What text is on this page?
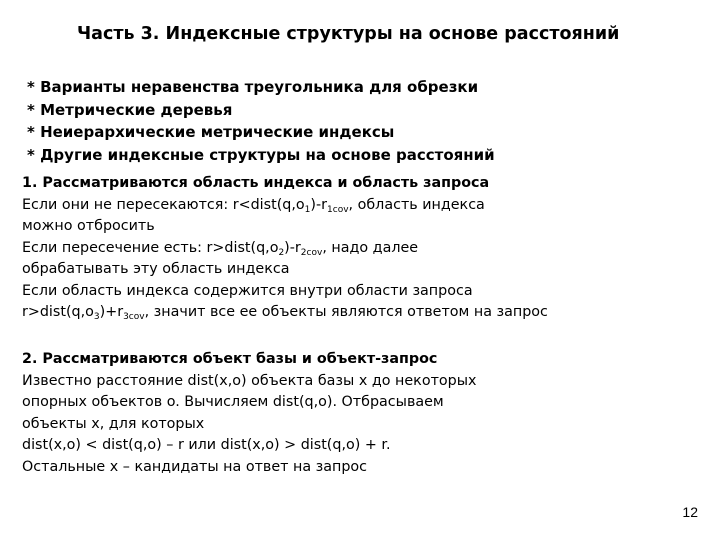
Часть 3. Индексные структуры на основе расстояний
* Варианты неравенства треугольника для обрезки
* Метрические деревья
* Неиерархические метрические индексы
* Другие индексные структуры на основе расстояний
1. Рассматриваются область индекса и область запроса
Если они не пересекаются: $r<dist(q,o_1)-r_{1cov}$, область индекса
можно отбросить
Если пересечение есть: $r>dist(q,o_2)-r_{2cov}$, надо далее
обрабатывать эту область индекса
Если область индекса содержится внутри области запроса
$r>dist(q,o_3)+r_{3cov}$, значит все ее объекты являются ответом на запрос
2. Рассматриваются объект базы и объект-запрос
Известно расстояние dist(x,o) объекта базы x до некоторых
опорных объектов o. Вычисляем dist(q,o). Отбрасываем
объекты x, для которых
dist(x,o) < dist(q,o) – r или dist(x,o) > dist(q,o) + r.
Остальные x – кандидаты на ответ на запрос
12
